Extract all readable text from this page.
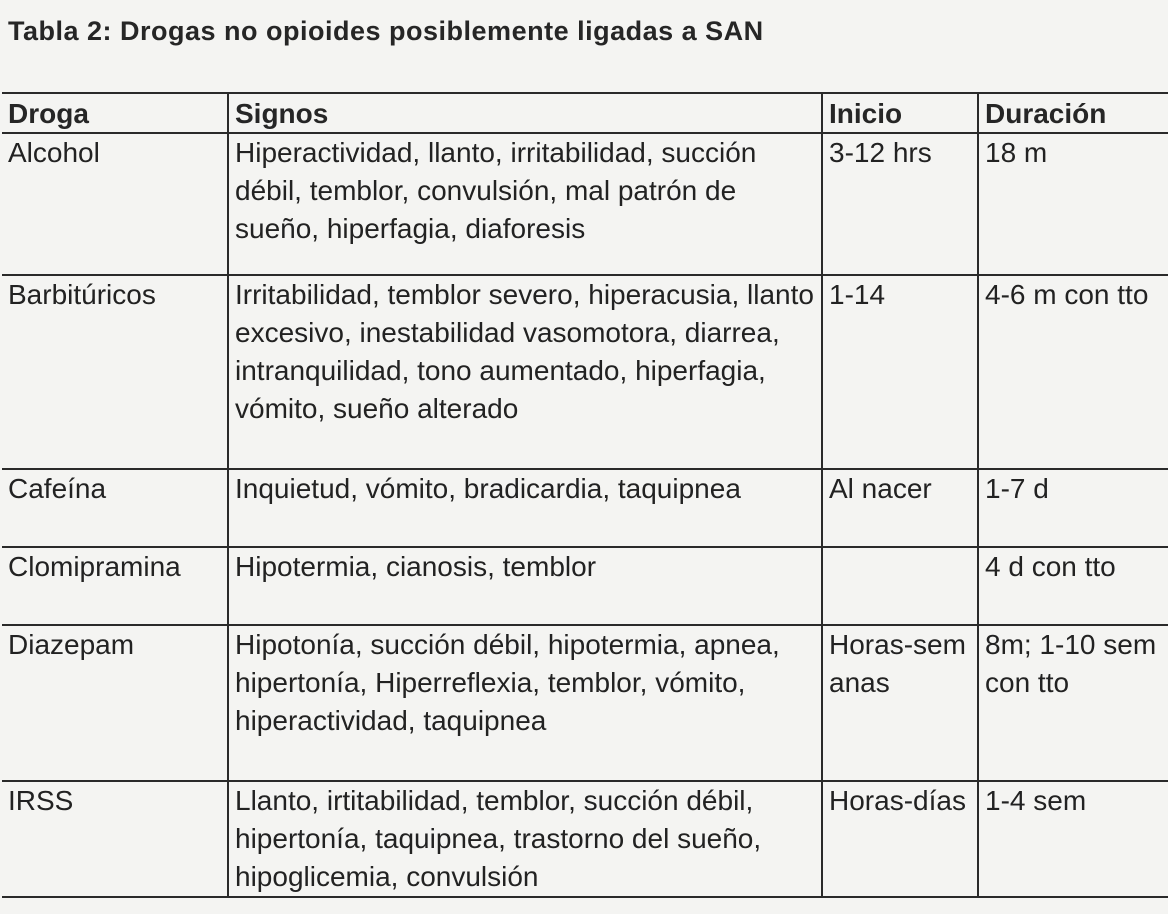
Tabla 2: Drogas no opioides posiblemente ligadas a SAN
Droga	Signos	Inicio	Duración
Alcohol	Hiperactividad, llanto, irritabilidad, succión débil, temblor, convulsión, mal patrón de sueño, hiperfagia, diaforesis	3-12 hrs	18 m
Barbitúricos	Irritabilidad, temblor severo, hiperacusia, llanto excesivo, inestabilidad vasomotora, diarrea, intranquilidad, tono aumentado, hiperfagia, vómito, sueño alterado	1-14	4-6 m con tto
Cafeína	Inquietud, vómito, bradicardia, taquipnea	Al nacer	1-7 d
Clomipramina	Hipotermia, cianosis, temblor		4 d con tto
Diazepam	Hipotonía, succión débil, hipotermia, apnea, hipertonía, Hiperreflexia, temblor, vómito, hiperactividad, taquipnea	Horas-semanas	8m; 1-10 sem con tto
IRSS	Llanto, irtitabilidad, temblor, succión débil, hipertonía, taquipnea, trastorno del sueño, hipoglicemia, convulsión	Horas-días	1-4 sem
